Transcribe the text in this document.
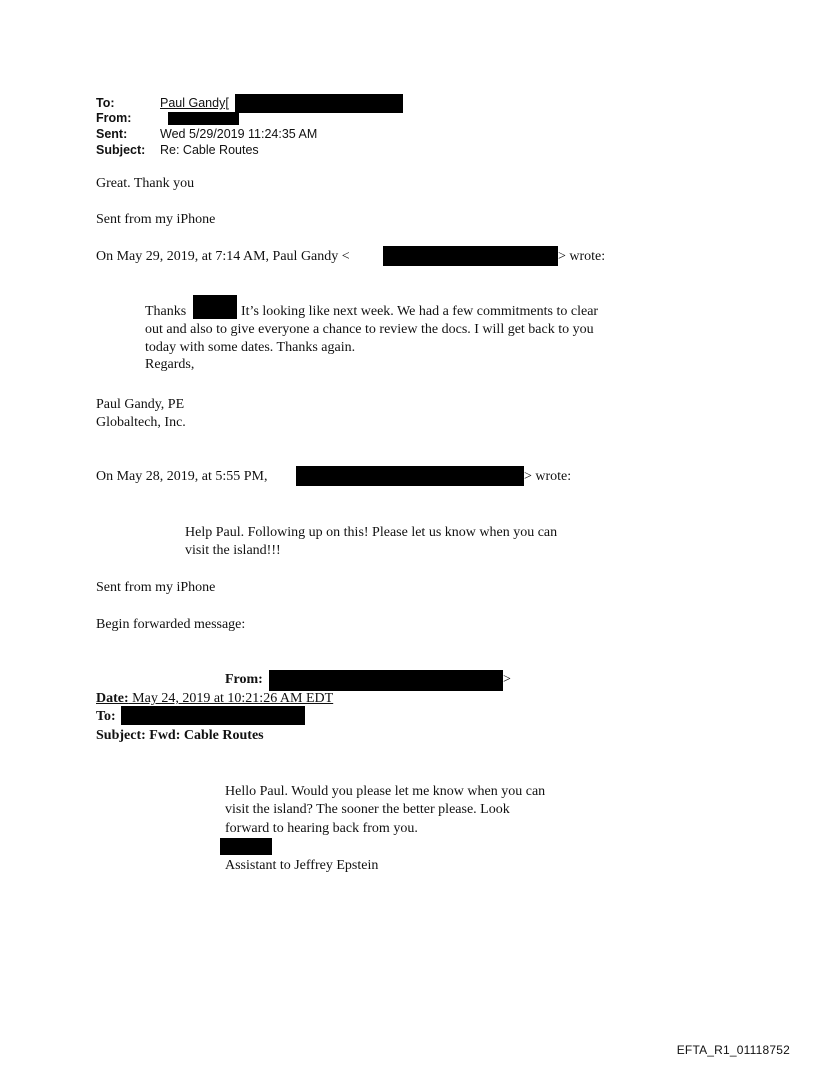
To:	Paul Gandy[
From:
Sent:	Wed 5/29/2019 11:24:35 AM
Subject: Re: Cable Routes
Great. Thank you
Sent from my iPhone
On May 29, 2019, at 7:14 AM, Paul Gandy <	> wrote:
Thanks	It’s looking like next week. We had a few commitments to clear
out and also to give everyone a chance to review the docs. I will get back to you
today with some dates. Thanks again.
Regards,
Paul Gandy, PE
Globaltech, Inc.
On May 28, 2019, at 5:55 PM,	> wrote:
Help Paul. Following up on this! Please let us know when you can
visit the island!!!
Sent from my iPhone
Begin forwarded message:
From:	>
Date: May 24, 2019 at 10:21:26 AM EDT
To:
Subject: Fwd: Cable Routes
Hello Paul. Would you please let me know when you can
visit the island? The sooner the better please. Look
forward to hearing back from you.
Assistant to Jeffrey Epstein
EFTA_R1_01118752
